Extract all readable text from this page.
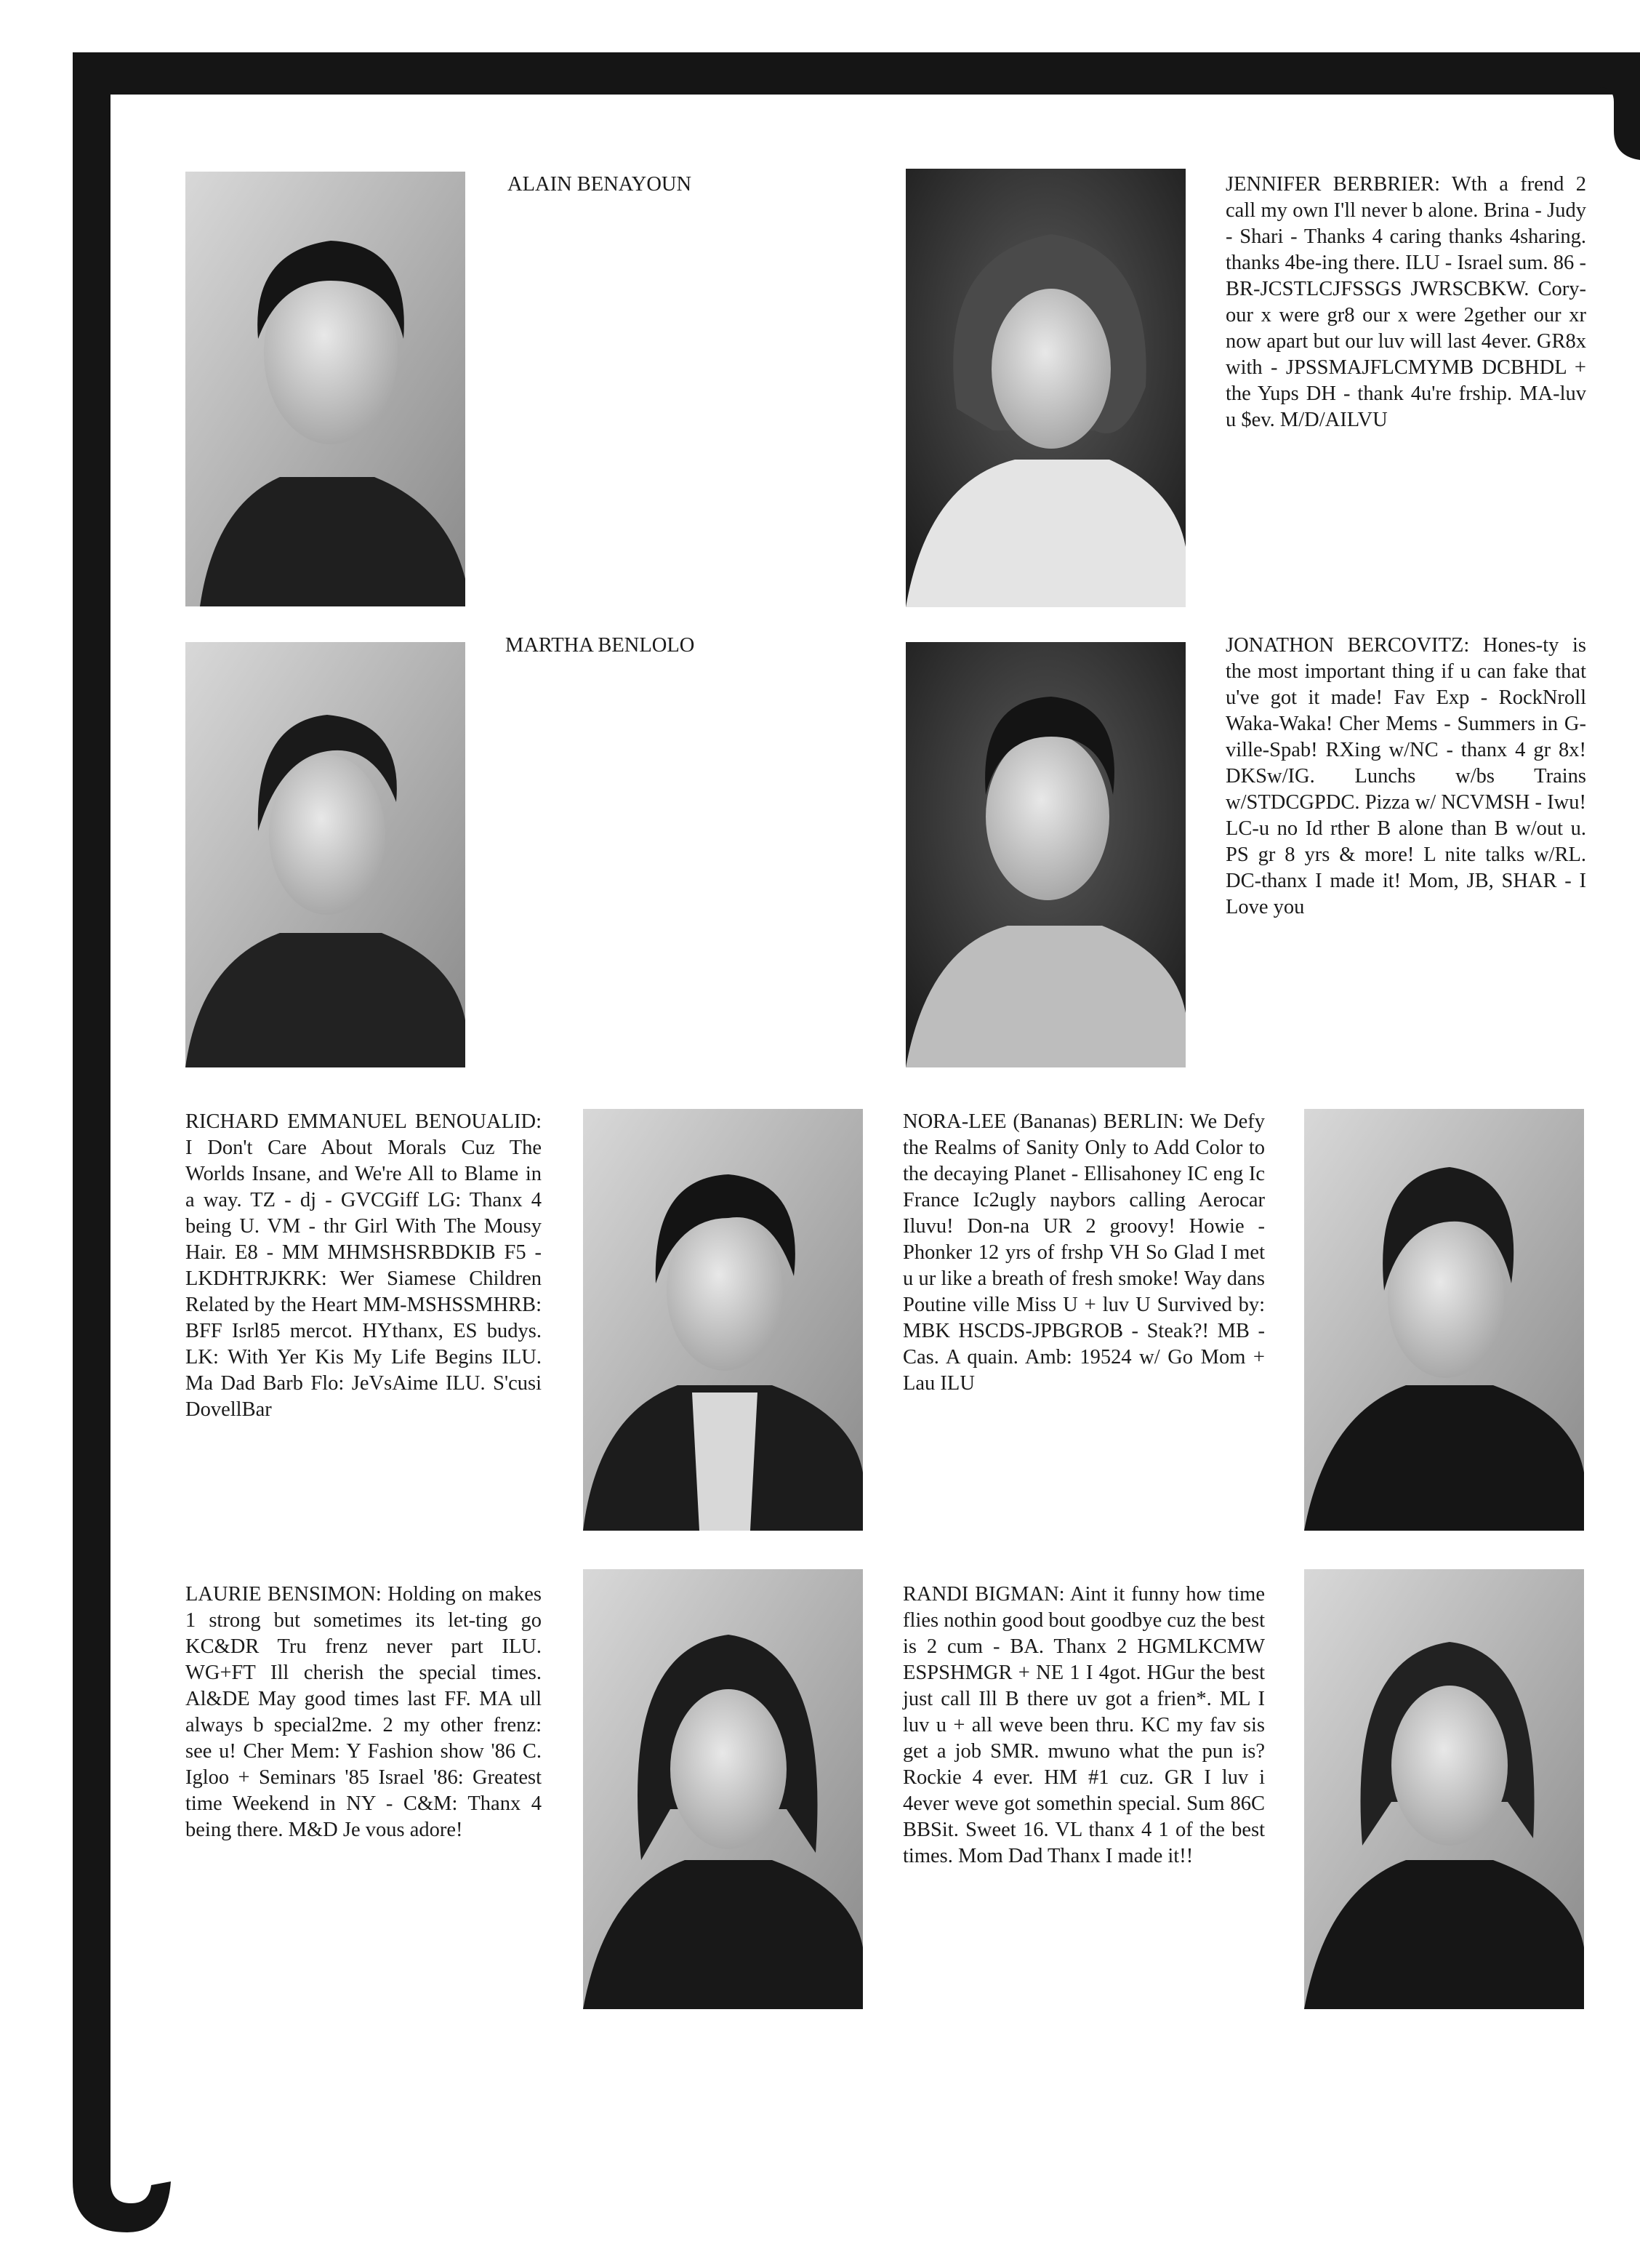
ALAIN BENAYOUN	JENNIFER BERBRIER: Wth a frend 2 call my own I'll never b alone. Brina - Judy - Shari - Thanks 4 caring thanks 4sharing. thanks 4be-ing there. ILU - Israel sum. 86 - BR-JCSTLCJFSSGS JWRSCBKW. Cory-our x were gr8 our x were 2gether our xr now apart but our luv will last 4ever. GR8x with - JPSSMAJFLCMYMB DCBHDL + the Yups DH - thank 4u're frship. MA-luv u $ev. M/D/AILVU

MARTHA BENLOLO	JONATHON BERCOVITZ: Hones-ty is the most important thing if u can fake that u've got it made! Fav Exp - RockNroll Waka-Waka! Cher Mems - Summers in G-ville-Spab! RXing w/NC - thanx 4 gr 8x! DKSw/IG. Lunchs w/bs Trains w/STDCGPDC. Pizza w/ NCVMSH - Iwu! LC-u no Id rther B alone than B w/out u. PS gr 8 yrs & more! L nite talks w/RL. DC-thanx I made it! Mom, JB, SHAR - I Love you

RICHARD EMMANUEL BENOUALID: I Don't Care About Morals Cuz The Worlds Insane, and We're All to Blame in a way. TZ - dj - GVCGiff LG: Thanx 4 being U. VM - thr Girl With The Mousy Hair. E8 - MM MHMSHSRBDKIB F5 - LKDHTRJKRK: Wer Siamese Children Related by the Heart MM-MSHSSMHRB: BFF Isrl85 mercot. HYthanx, ES budys. LK: With Yer Kis My Life Begins ILU. Ma Dad Barb Flo: JeVsAime ILU. S'cusi DovellBar

NORA-LEE (Bananas) BERLIN: We Defy the Realms of Sanity Only to Add Color to the decaying Planet - Ellisahoney IC eng Ic France Ic2ugly naybors calling Aerocar Iluvu! Don-na UR 2 groovy! Howie - Phonker 12 yrs of frshp VH So Glad I met u ur like a breath of fresh smoke! Way dans Poutine ville Miss U + luv U Survived by: MBK HSCDS-JPBGROB - Steak?! MB - Cas. A quain. Amb: 19524 w/ Go Mom + Lau ILU

LAURIE BENSIMON: Holding on makes 1 strong but sometimes its let-ting go KC&DR Tru frenz never part ILU. WG+FT Ill cherish the special times. Al&DE May good times last FF. MA ull always b special2me. 2 my other frenz: see u! Cher Mem: Y Fashion show '86 C. Igloo + Seminars '85 Israel '86: Greatest time Weekend in NY - C&M: Thanx 4 being there. M&D Je vous adore!

RANDI BIGMAN: Aint it funny how time flies nothin good bout goodbye cuz the best is 2 cum - BA. Thanx 2 HGMLKCMW ESPSHMGR + NE 1 I 4got. HGur the best just call Ill B there uv got a frien*. ML I luv u + all weve been thru. KC my fav sis get a job SMR. mwuno what the pun is? Rockie 4 ever. HM #1 cuz. GR I luv i 4ever weve got somethin special. Sum 86C BBSit. Sweet 16. VL thanx 4 1 of the best times. Mom Dad Thanx I made it!!
